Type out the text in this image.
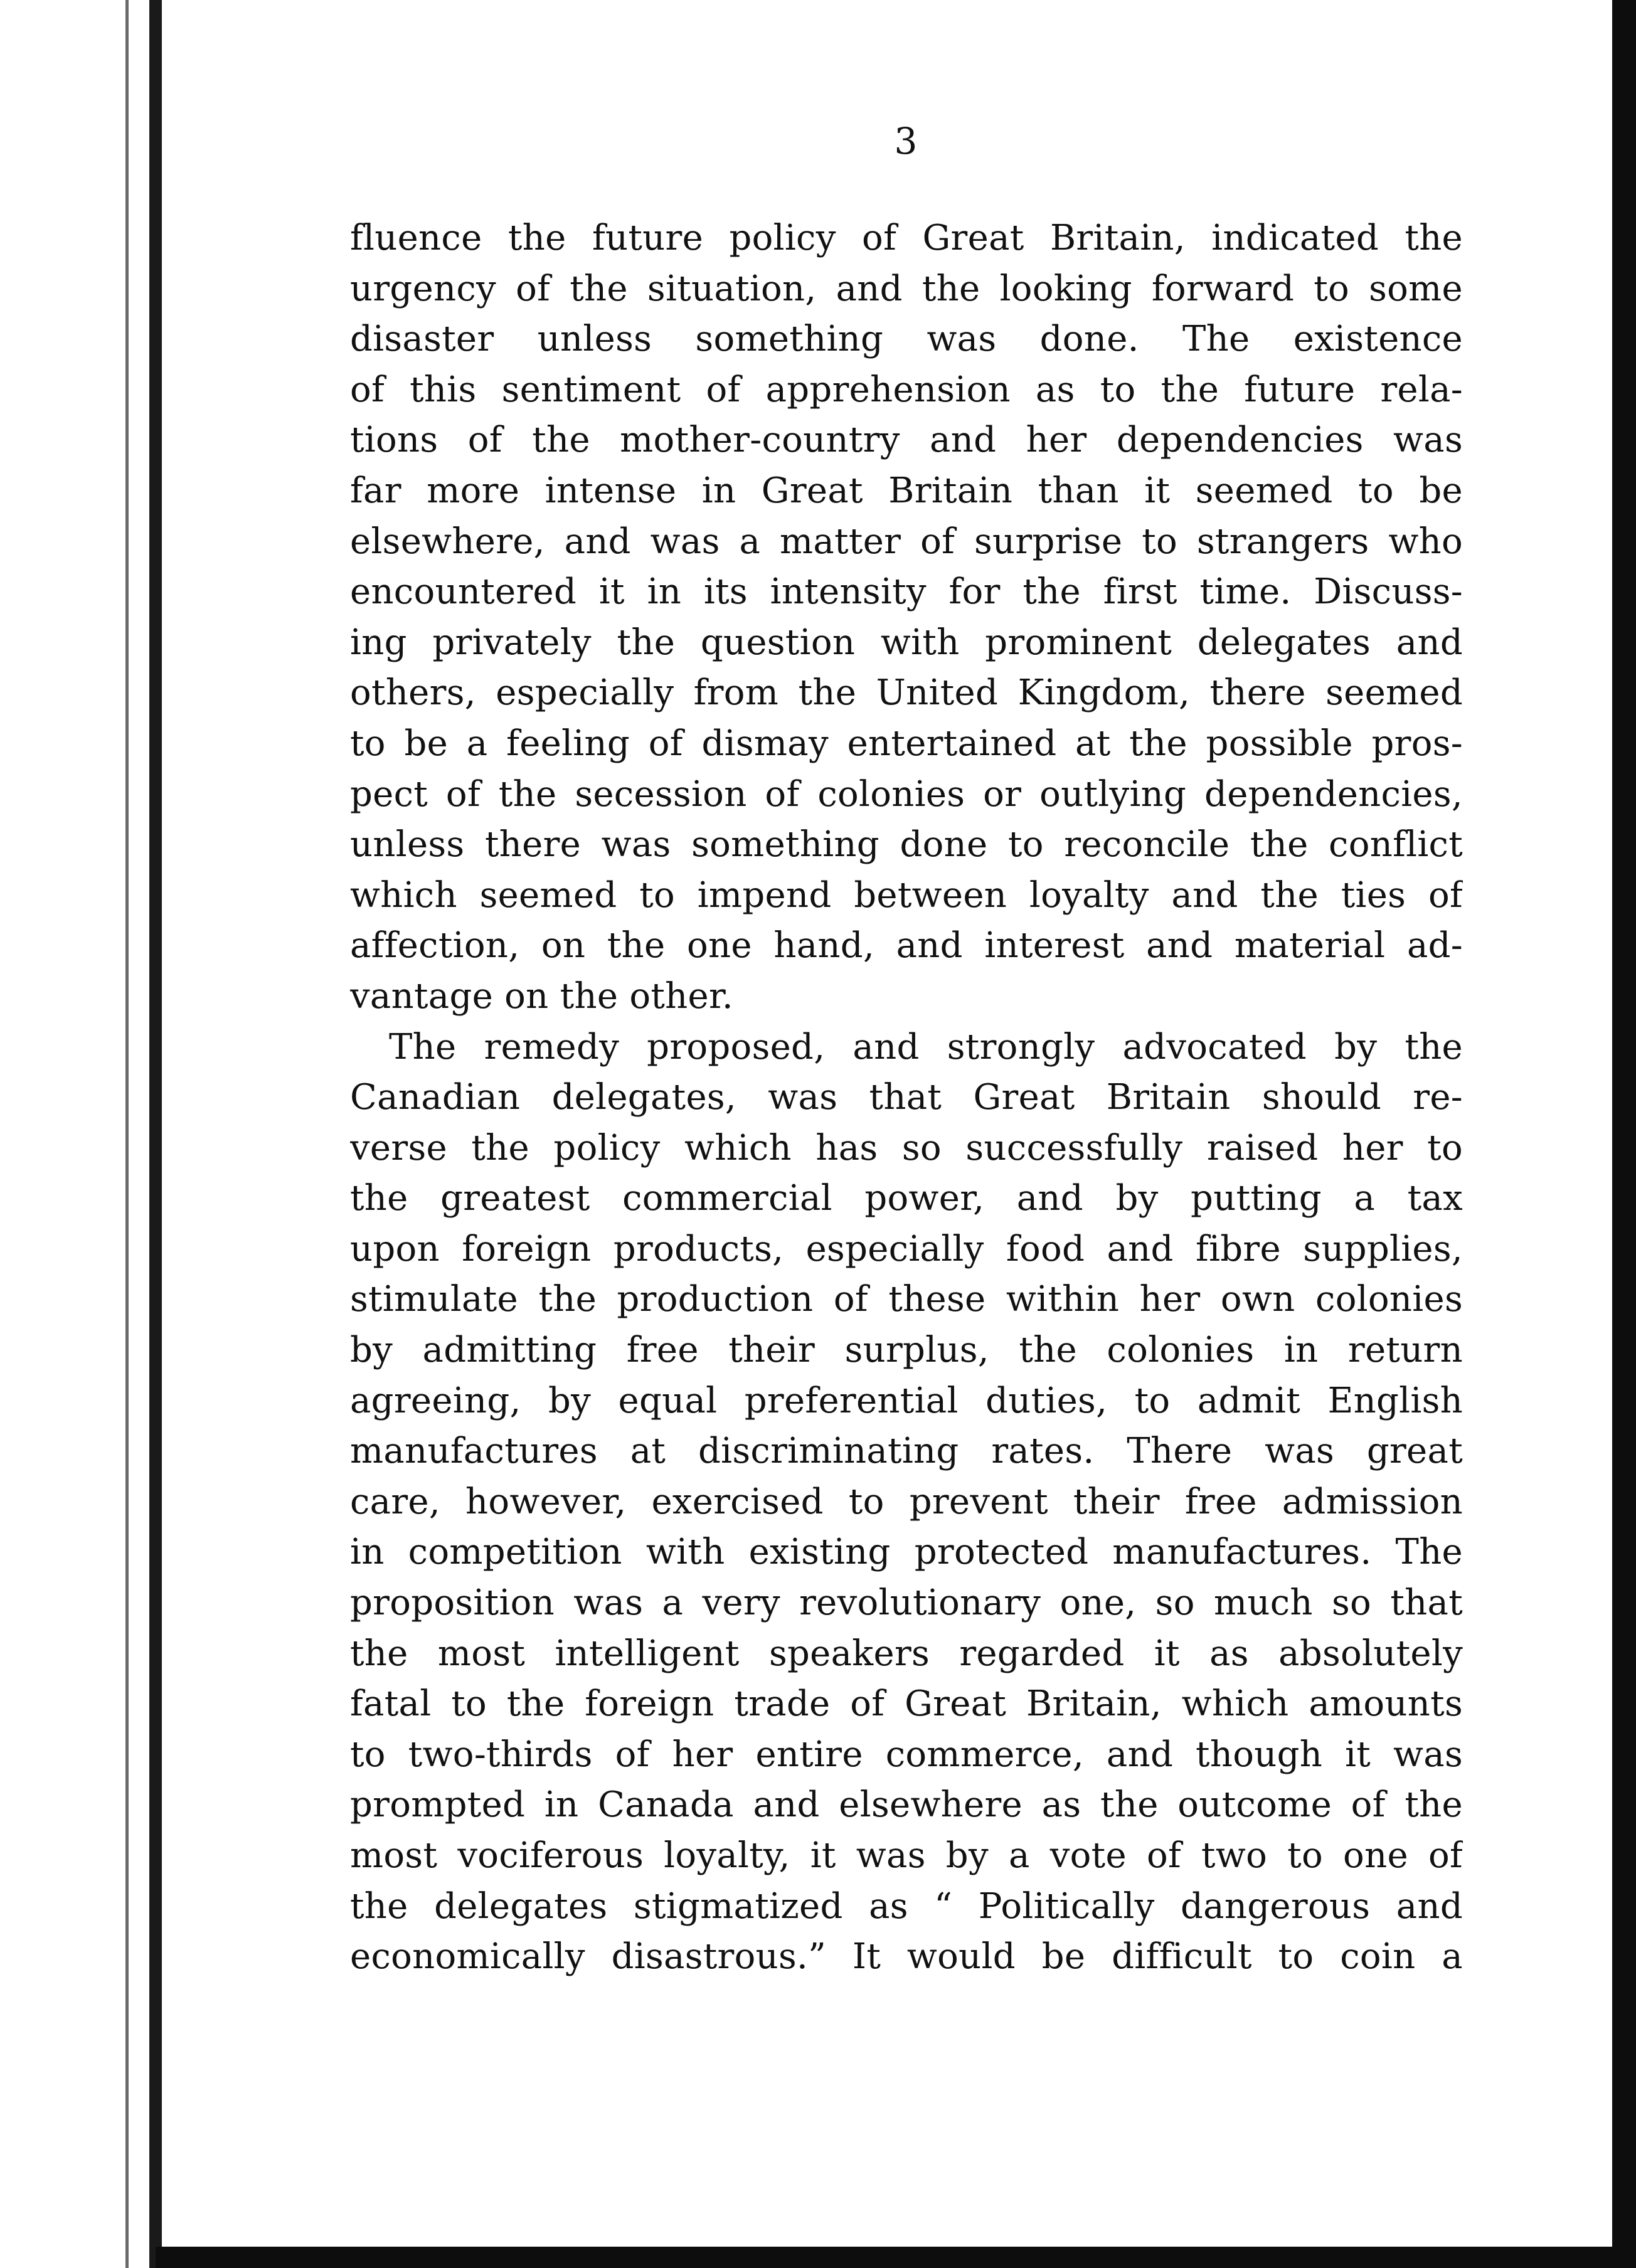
3
fluence the future policy of Great Britain, indicated the
urgency of the situation, and the looking forward to some
disaster unless something was done. The existence
of this sentiment of apprehension as to the future rela-
tions of the mother-country and her dependencies was
far more intense in Great Britain than it seemed to be
elsewhere, and was a matter of surprise to strangers who
encountered it in its intensity for the first time. Discuss-
ing privately the question with prominent delegates and
others, especially from the United Kingdom, there seemed
to be a feeling of dismay entertained at the possible pros-
pect of the secession of colonies or outlying dependencies,
unless there was something done to reconcile the conflict
which seemed to impend between loyalty and the ties of
affection, on the one hand, and interest and material ad-
vantage on the other.
The remedy proposed, and strongly advocated by the
Canadian delegates, was that Great Britain should re-
verse the policy which has so successfully raised her to
the greatest commercial power, and by putting a tax
upon foreign products, especially food and fibre supplies,
stimulate the production of these within her own colonies
by admitting free their surplus, the colonies in return
agreeing, by equal preferential duties, to admit English
manufactures at discriminating rates. There was great
care, however, exercised to prevent their free admission
in competition with existing protected manufactures. The
proposition was a very revolutionary one, so much so that
the most intelligent speakers regarded it as absolutely
fatal to the foreign trade of Great Britain, which amounts
to two-thirds of her entire commerce, and though it was
prompted in Canada and elsewhere as the outcome of the
most vociferous loyalty, it was by a vote of two to one of
the delegates stigmatized as “ Politically dangerous and
economically disastrous.” It would be difficult to coin a
